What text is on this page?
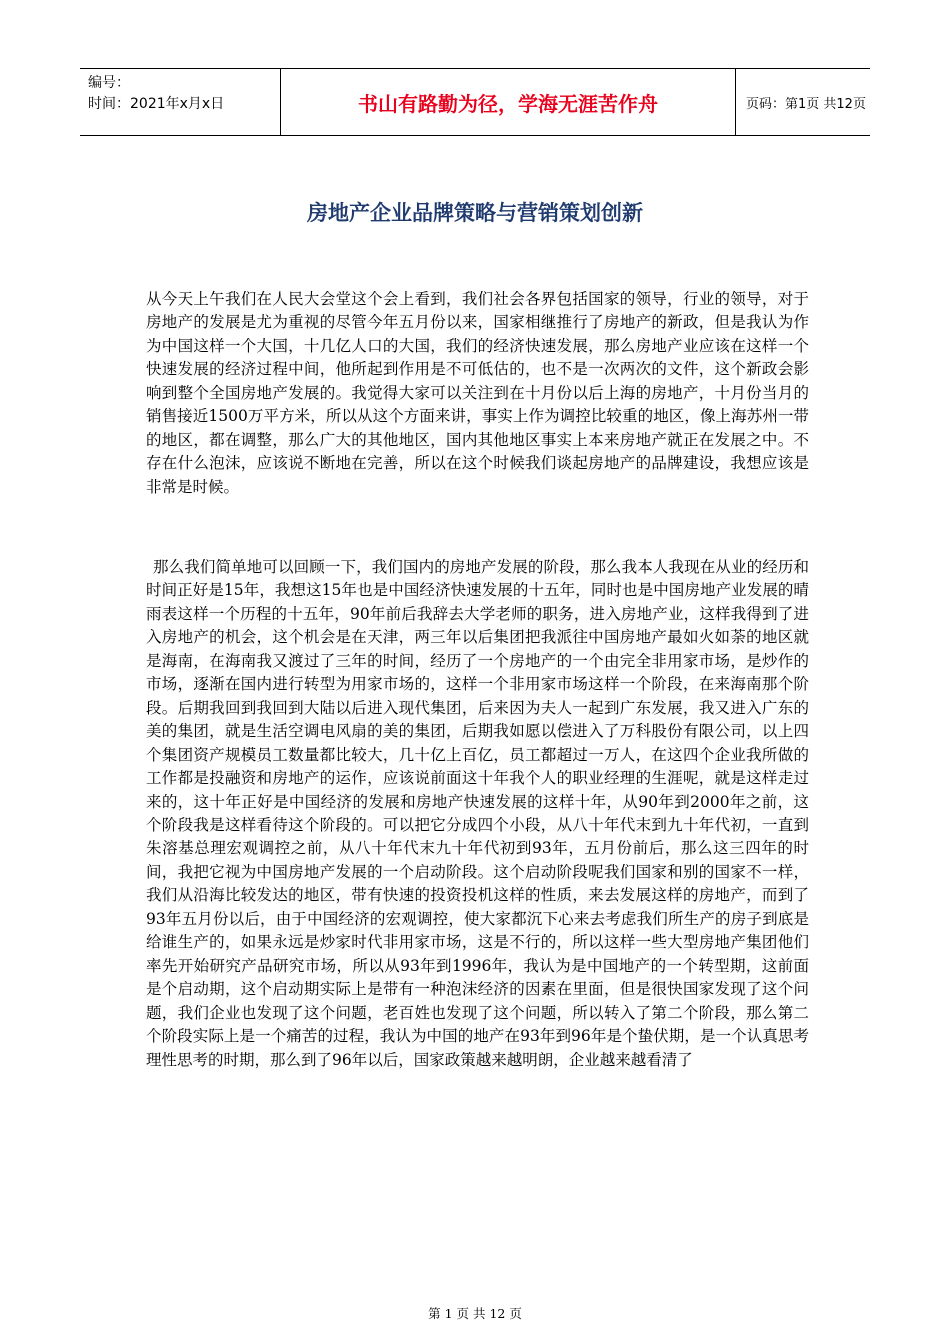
编号：
时间：2021年x月x日	书山有路勤为径，学海无涯苦作舟	页码：第1页 共12页
房地产企业品牌策略与营销策划创新
从今天上午我们在人民大会堂这个会上看到，我们社会各界包括国家的领导，行业的领导，对于房地产的发展是尤为重视的尽管今年五月份以来，国家相继推行了房地产的新政，但是我认为作为中国这样一个大国，十几亿人口的大国，我们的经济快速发展，那么房地产业应该在这样一个快速发展的经济过程中间，他所起到作用是不可低估的，也不是一次两次的文件，这个新政会影响到整个全国房地产发展的。我觉得大家可以关注到在十月份以后上海的房地产，十月份当月的销售接近1500万平方米，所以从这个方面来讲，事实上作为调控比较重的地区，像上海苏州一带的地区，都在调整，那么广大的其他地区，国内其他地区事实上本来房地产就正在发展之中。不存在什么泡沫，应该说不断地在完善，所以在这个时候我们谈起房地产的品牌建设，我想应该是非常是时候。
那么我们简单地可以回顾一下，我们国内的房地产发展的阶段，那么我本人我现在从业的经历和时间正好是15年，我想这15年也是中国经济快速发展的十五年，同时也是中国房地产业发展的晴雨表这样一个历程的十五年，90年前后我辞去大学老师的职务，进入房地产业，这样我得到了进入房地产的机会，这个机会是在天津，两三年以后集团把我派往中国房地产最如火如荼的地区就是海南，在海南我又渡过了三年的时间，经历了一个房地产的一个由完全非用家市场，是炒作的市场，逐渐在国内进行转型为用家市场的，这样一个非用家市场这样一个阶段，在来海南那个阶段。后期我回到我回到大陆以后进入现代集团，后来因为夫人一起到广东发展，我又进入广东的美的集团，就是生活空调电风扇的美的集团，后期我如愿以偿进入了万科股份有限公司，以上四个集团资产规模员工数量都比较大，几十亿上百亿，员工都超过一万人，在这四个企业我所做的工作都是投融资和房地产的运作，应该说前面这十年我个人的职业经理的生涯呢，就是这样走过来的，这十年正好是中国经济的发展和房地产快速发展的这样十年，从90年到2000年之前，这个阶段我是这样看待这个阶段的。可以把它分成四个小段，从八十年代末到九十年代初，一直到朱溶基总理宏观调控之前，从八十年代末九十年代初到93年，五月份前后，那么这三四年的时间，我把它视为中国房地产发展的一个启动阶段。这个启动阶段呢我们国家和别的国家不一样，我们从沿海比较发达的地区，带有快速的投资投机这样的性质，来去发展这样的房地产，而到了93年五月份以后，由于中国经济的宏观调控，使大家都沉下心来去考虑我们所生产的房子到底是给谁生产的，如果永远是炒家时代非用家市场，这是不行的，所以这样一些大型房地产集团他们率先开始研究产品研究市场，所以从93年到1996年，我认为是中国地产的一个转型期，这前面是个启动期，这个启动期实际上是带有一种泡沫经济的因素在里面，但是很快国家发现了这个问题，我们企业也发现了这个问题，老百姓也发现了这个问题，所以转入了第二个阶段，那么第二个阶段实际上是一个痛苦的过程，我认为中国的地产在93年到96年是个蛰伏期，是一个认真思考理性思考的时期，那么到了96年以后，国家政策越来越明朗，企业越来越看清了
第 1 页 共 12 页
